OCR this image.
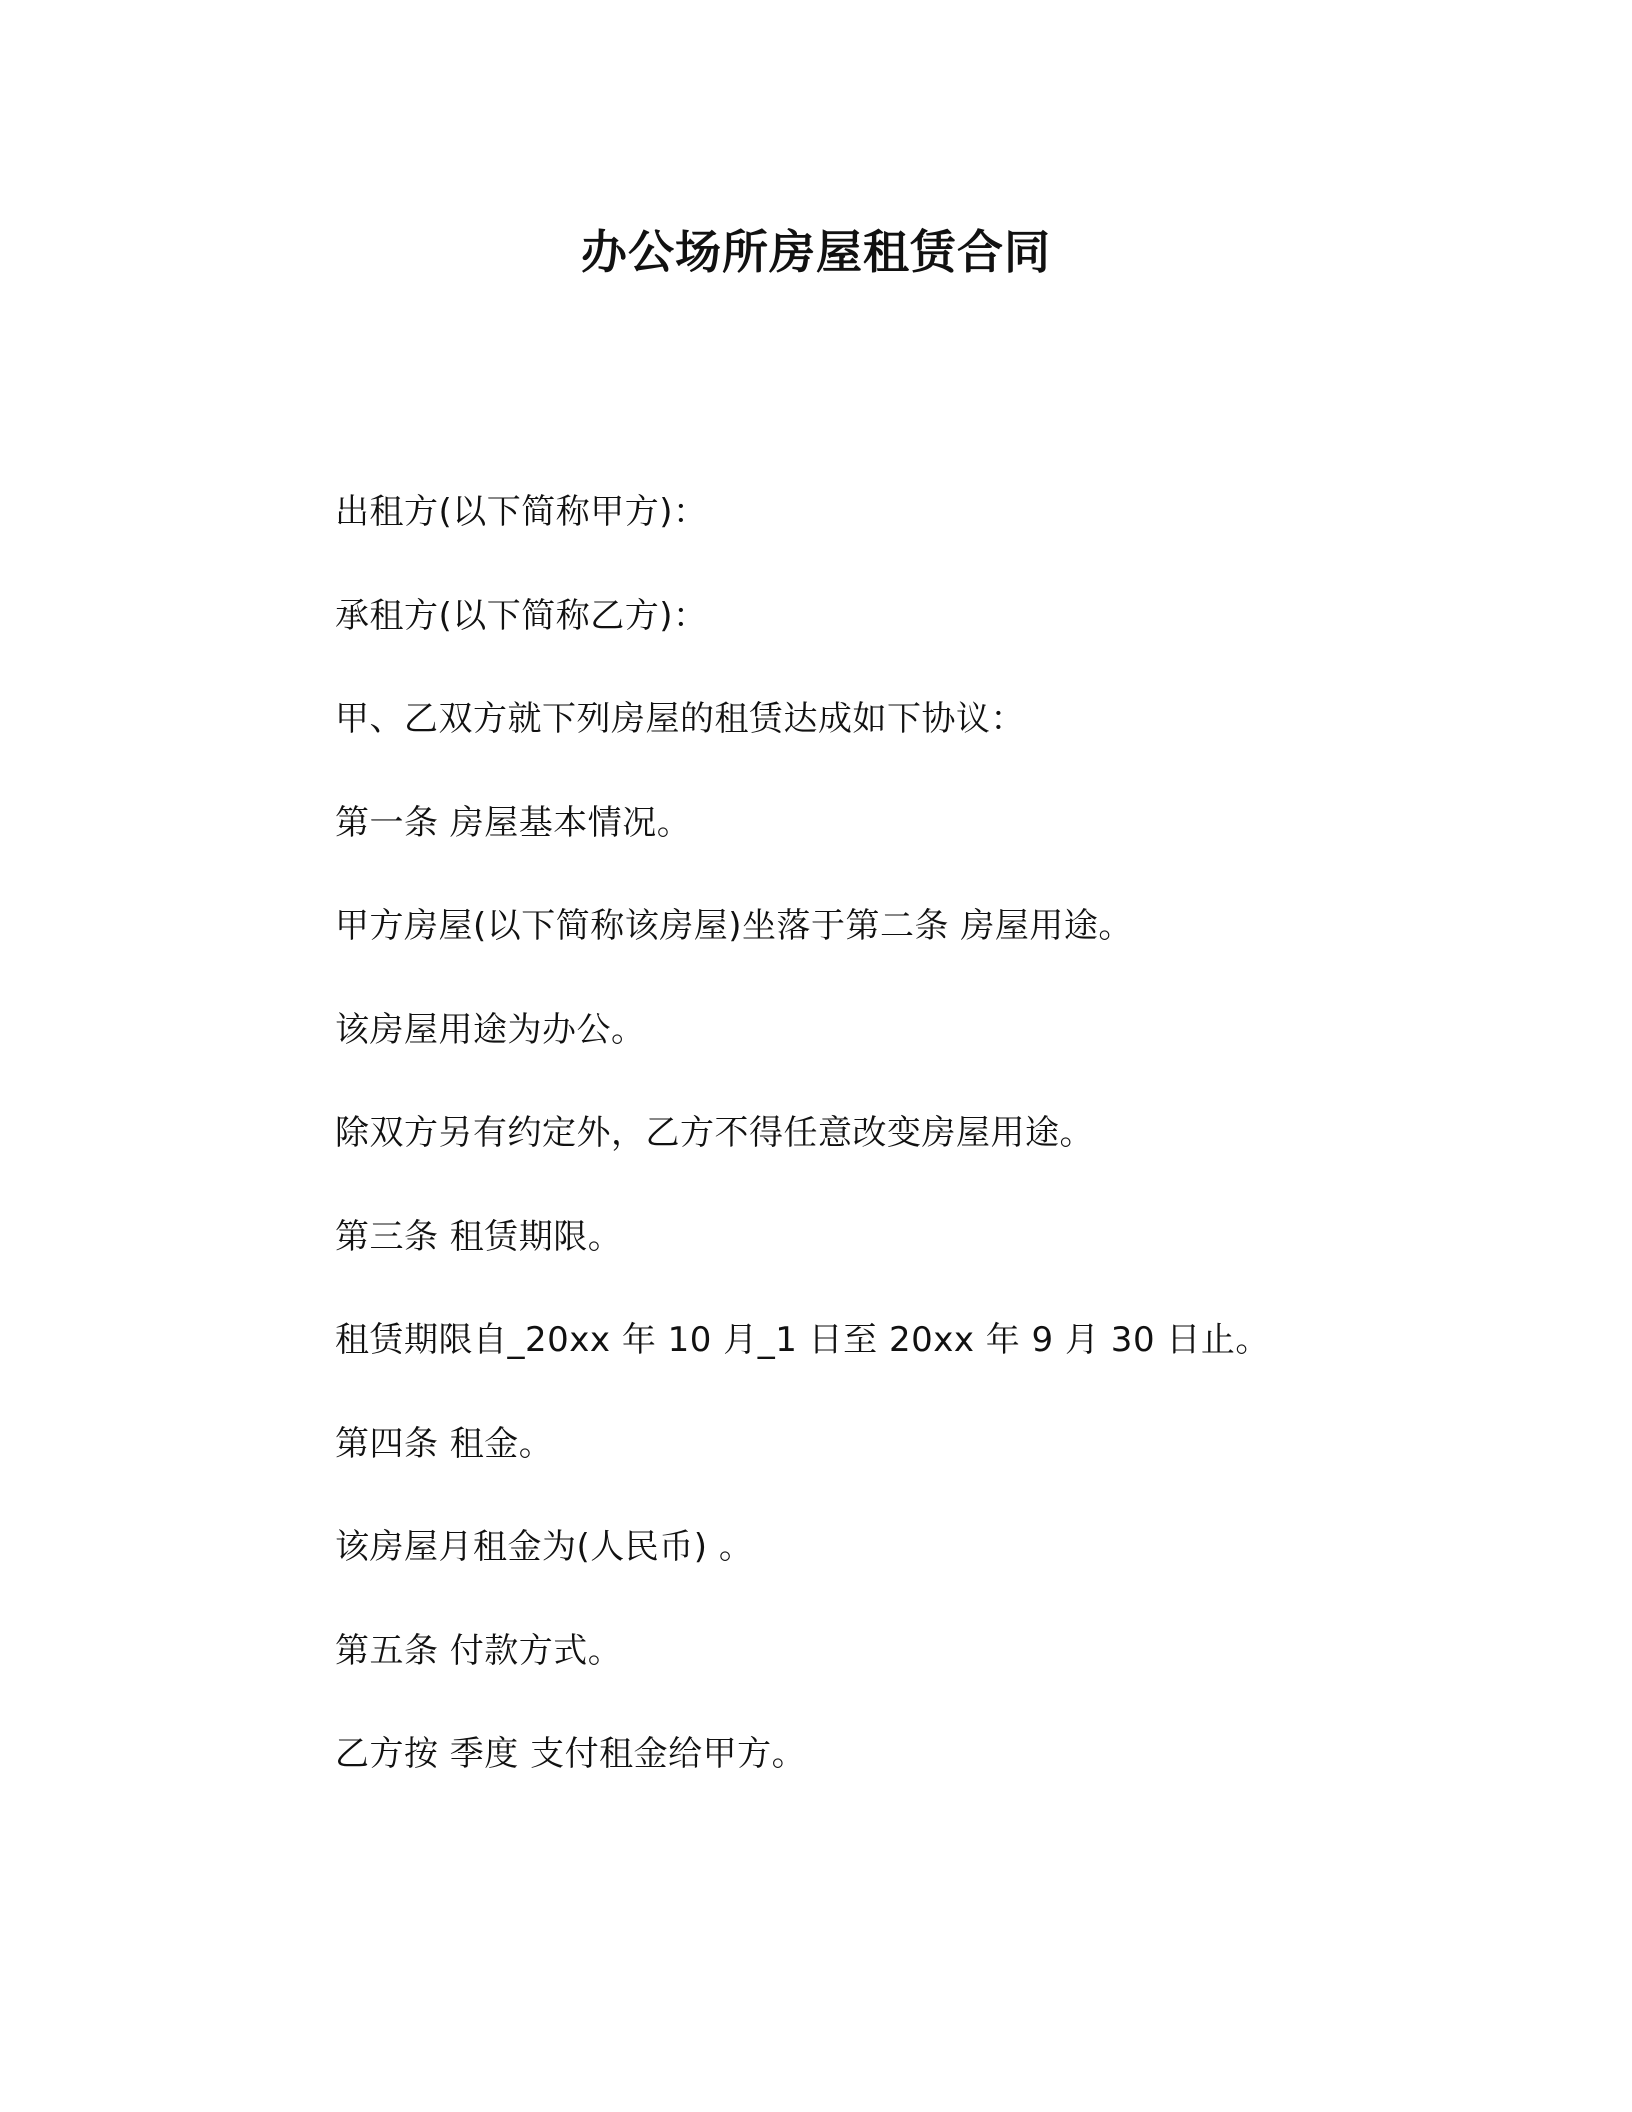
办公场所房屋租赁合同

出租方(以下简称甲方)：

承租方(以下简称乙方)：

甲、乙双方就下列房屋的租赁达成如下协议：

第一条 房屋基本情况。

甲方房屋(以下简称该房屋)坐落于第二条 房屋用途。

该房屋用途为办公。

除双方另有约定外，乙方不得任意改变房屋用途。

第三条 租赁期限。

租赁期限自_20xx 年 10 月_1 日至 20xx 年 9 月 30 日止。

第四条 租金。

该房屋月租金为(人民币) 。

第五条 付款方式。

乙方按 季度 支付租金给甲方。
